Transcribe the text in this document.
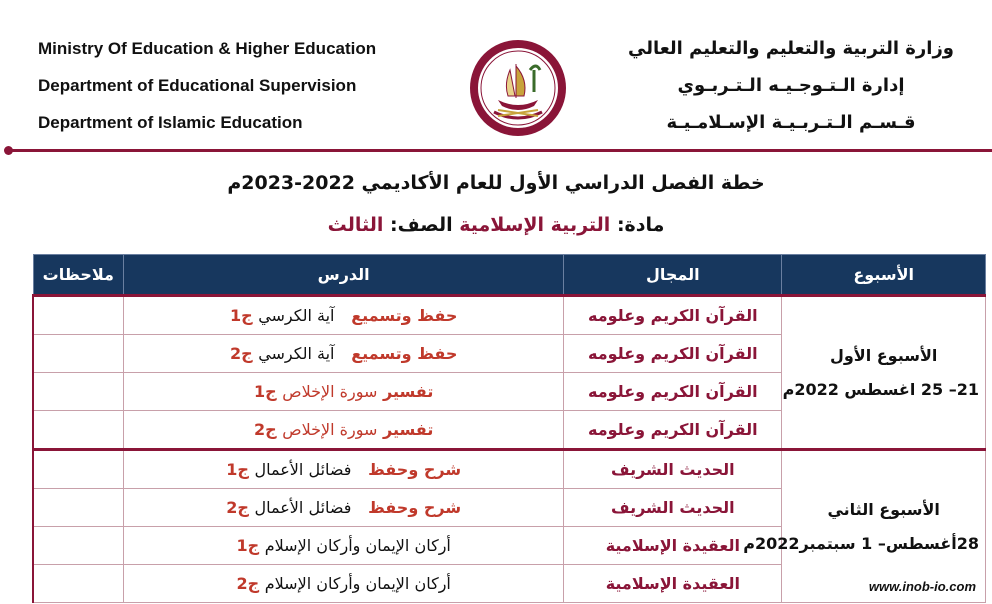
Ministry Of Education & Higher Education
Department of Educational Supervision
Department of Islamic Education
وزارة التربية والتعليم والتعليم العالي
إدارة الـتـوجـيـه الـتـربـوي
قـسـم الـتـربـيـة الإسـلامـيـة
خطة الفصل الدراسي الأول للعام الأكاديمي 2022-2023م
مادة: التربية الإسلامية الصف: الثالث
الأسبوع	المجال	الدرس	ملاحظات

الأسبوع الأول
21– 25 اغسطس 2022م	القرآن الكريم وعلومه	حفظ وتسميع   آية الكرسي ج1	
	القرآن الكريم وعلومه	حفظ وتسميع   آية الكرسي ج2	
	القرآن الكريم وعلومه	تفسير سورة الإخلاص ج1	
	القرآن الكريم وعلومه	تفسير سورة الإخلاص ج2	

الأسبوع الثاني
28أغسطس– 1 سبتمبر2022م	الحديث الشريف	شرح وحفظ   فضائل الأعمال ج1	
	الحديث الشريف	شرح وحفظ   فضائل الأعمال ج2	
	العقيدة الإسلامية	أركان الإيمان وأركان الإسلام ج1	
	العقيدة الإسلامية	أركان الإيمان وأركان الإسلام ج2		www.inob-io.com
